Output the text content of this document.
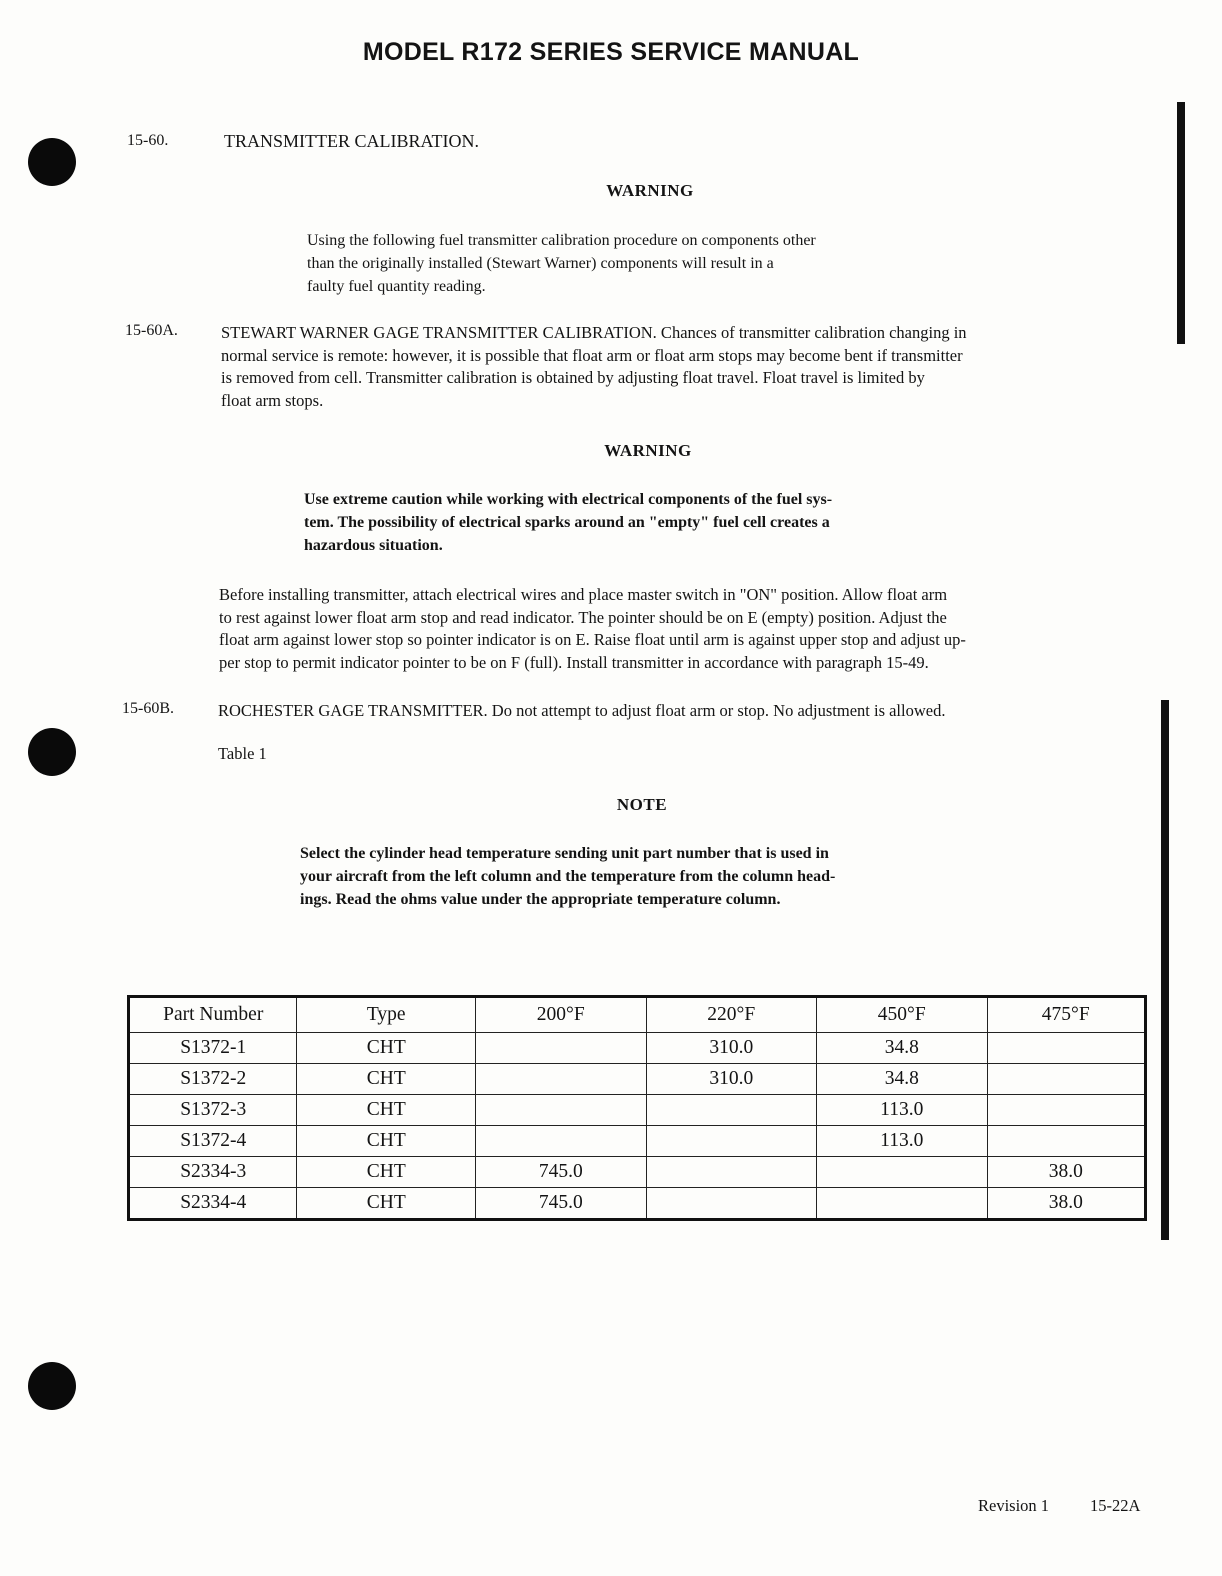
MODEL R172 SERIES SERVICE MANUAL
15-60.	TRANSMITTER CALIBRATION.
WARNING

Using the following fuel transmitter calibration procedure on components other

than the originally installed (Stewart Warner) components will result in a

faulty fuel quantity reading.

15-60A.	STEWART WARNER GAGE TRANSMITTER CALIBRATION. Chances of transmitter calibration changing in

normal service is remote: however, it is possible that float arm or float arm stops may become bent if transmitter

is removed from cell. Transmitter calibration is obtained by adjusting float travel. Float travel is limited by

float arm stops.

WARNING

Use extreme caution while working with electrical components of the fuel sys-

tem. The possibility of electrical sparks around an "empty" fuel cell creates a

hazardous situation.

Before installing transmitter, attach electrical wires and place master switch in "ON" position. Allow float arm

to rest against lower float arm stop and read indicator. The pointer should be on E (empty) position. Adjust the

float arm against lower stop so pointer indicator is on E. Raise float until arm is against upper stop and adjust up-

per stop to permit indicator pointer to be on F (full). Install transmitter in accordance with paragraph 15-49.

15-60B.	ROCHESTER GAGE TRANSMITTER. Do not attempt to adjust float arm or stop. No adjustment is allowed.
Table 1
NOTE

Select the cylinder head temperature sending unit part number that is used in

your aircraft from the left column and the temperature from the column head-

ings. Read the ohms value under the appropriate temperature column.

Part Number	Type	200°F	220°F	450°F	475°F
S1372-1	CHT		310.0	34.8	
S1372-2	CHT		310.0	34.8	
S1372-3	CHT			113.0	
S1372-4	CHT			113.0	
S2334-3	CHT	745.0			38.0
S2334-4	CHT	745.0			38.0
Revision 1 15-22A
